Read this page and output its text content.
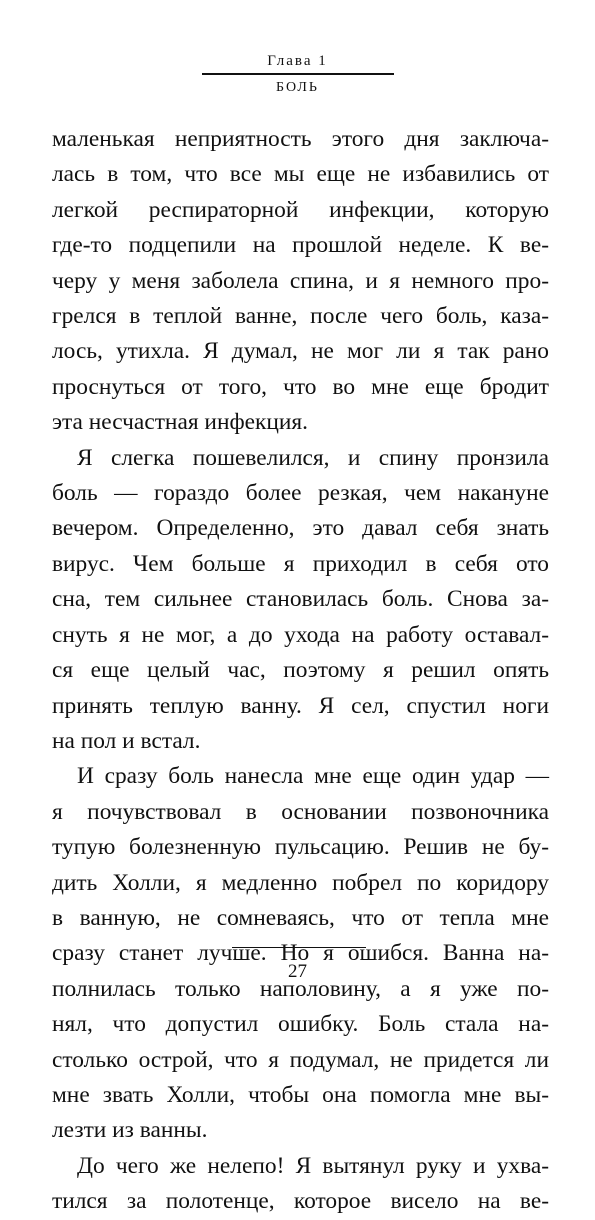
Глава 1
БОЛЬ

маленькая неприятность этого дня заключа-

лась в том, что все мы еще не избавились от

легкой респираторной инфекции, которую

где-то подцепили на прошлой неделе. К ве-

черу у меня заболела спина, и я немного про-

грелся в теплой ванне, после чего боль, каза-

лось, утихла. Я думал, не мог ли я так рано

проснуться от того, что во мне еще бродит

эта несчастная инфекция.

Я слегка пошевелился, и спину пронзила

боль — гораздо более резкая, чем накануне

вечером. Определенно, это давал себя знать

вирус. Чем больше я приходил в себя ото

сна, тем сильнее становилась боль. Снова за-

снуть я не мог, а до ухода на работу оставал-

ся еще целый час, поэтому я решил опять

принять теплую ванну. Я сел, спустил ноги

на пол и встал.

И сразу боль нанесла мне еще один удар —

я почувствовал в основании позвоночника

тупую болезненную пульсацию. Решив не бу-

дить Холли, я медленно побрел по коридору

в ванную, не сомневаясь, что от тепла мне

сразу станет лучше. Но я ошибся. Ванна на-

полнилась только наполовину, а я уже по-

нял, что допустил ошибку. Боль стала на-

столько острой, что я подумал, не придется ли

мне звать Холли, чтобы она помогла мне вы-

лезти из ванны.

До чего же нелепо! Я вытянул руку и ухва-

тился за полотенце, которое висело на ве-

27
